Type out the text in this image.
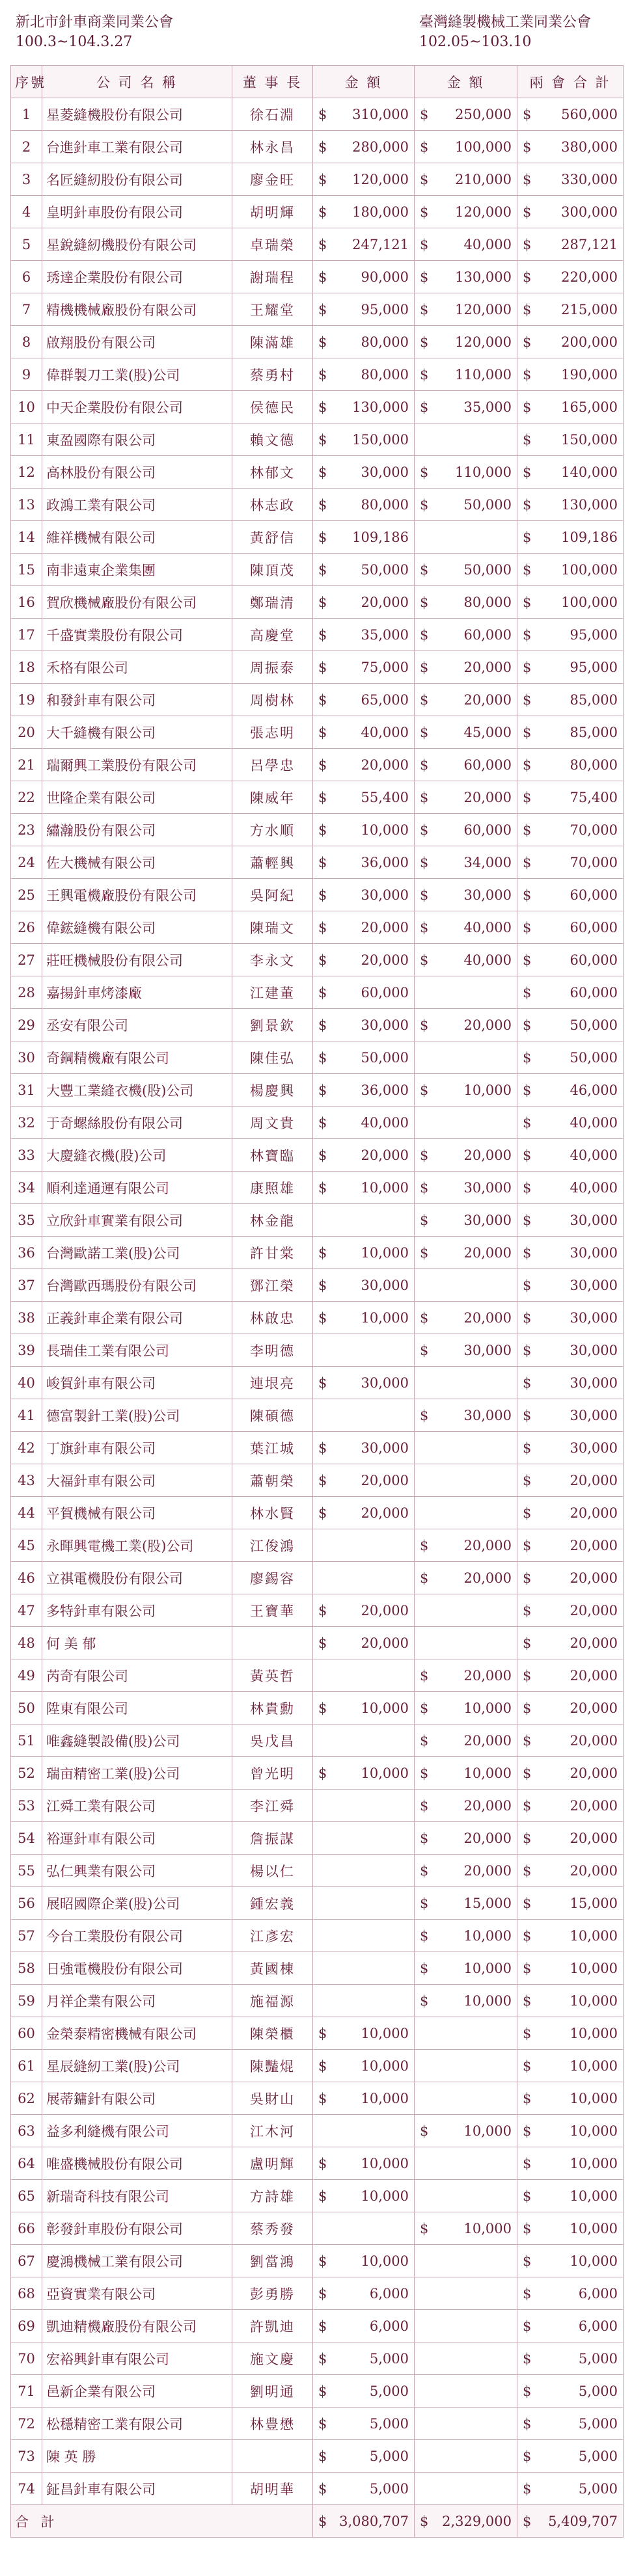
新北市針車商業同業公會
100.3~104.3.27
臺灣縫製機械工業同業公會
102.05~103.10
序號	公 司 名 稱	董 事 長	金 額	金 額	兩 會 合 計
1	星菱縫機股份有限公司	徐石淵	$ 310,000	$ 250,000	$ 560,000
2	台進針車工業有限公司	林永昌	$ 280,000	$ 100,000	$ 380,000
3	名匠縫紉股份有限公司	廖金旺	$ 120,000	$ 210,000	$ 330,000
4	皇明針車股份有限公司	胡明輝	$ 180,000	$ 120,000	$ 300,000
5	星銳縫紉機股份有限公司	卓瑞榮	$ 247,121	$ 40,000	$ 287,121
6	琇達企業股份有限公司	謝瑞程	$ 90,000	$ 130,000	$ 220,000
7	精機機械廠股份有限公司	王耀堂	$ 95,000	$ 120,000	$ 215,000
8	啟翔股份有限公司	陳滿雄	$ 80,000	$ 120,000	$ 200,000
9	偉群製刀工業(股)公司	蔡勇村	$ 80,000	$ 110,000	$ 190,000
10	中天企業股份有限公司	侯德民	$ 130,000	$ 35,000	$ 165,000
11	東盈國際有限公司	賴文德	$ 150,000		$ 150,000
12	高林股份有限公司	林郁文	$ 30,000	$ 110,000	$ 140,000
13	政鴻工業有限公司	林志政	$ 80,000	$ 50,000	$ 130,000
14	維祥機械有限公司	黃舒信	$ 109,186		$ 109,186
15	南非遠東企業集團	陳頂茂	$ 50,000	$ 50,000	$ 100,000
16	賀欣機械廠股份有限公司	鄭瑞清	$ 20,000	$ 80,000	$ 100,000
17	千盛實業股份有限公司	高慶堂	$ 35,000	$ 60,000	$ 95,000
18	禾格有限公司	周振泰	$ 75,000	$ 20,000	$ 95,000
19	和發針車有限公司	周樹林	$ 65,000	$ 20,000	$ 85,000
20	大千縫機有限公司	張志明	$ 40,000	$ 45,000	$ 85,000
21	瑞爾興工業股份有限公司	呂學忠	$ 20,000	$ 60,000	$ 80,000
22	世隆企業有限公司	陳威年	$ 55,400	$ 20,000	$ 75,400
23	繡瀚股份有限公司	方水順	$ 10,000	$ 60,000	$ 70,000
24	佐大機械有限公司	蕭輕興	$ 36,000	$ 34,000	$ 70,000
25	王興電機廠股份有限公司	吳阿紀	$ 30,000	$ 30,000	$ 60,000
26	偉鋐縫機有限公司	陳瑞文	$ 20,000	$ 40,000	$ 60,000
27	莊旺機械股份有限公司	李永文	$ 20,000	$ 40,000	$ 60,000
28	嘉揚針車烤漆廠	江建董	$ 60,000		$ 60,000
29	丞安有限公司	劉景欽	$ 30,000	$ 20,000	$ 50,000
30	奇鋼精機廠有限公司	陳佳弘	$ 50,000		$ 50,000
31	大豐工業縫衣機(股)公司	楊慶興	$ 36,000	$ 10,000	$ 46,000
32	于奇螺絲股份有限公司	周文貴	$ 40,000		$ 40,000
33	大慶縫衣機(股)公司	林寶臨	$ 20,000	$ 20,000	$ 40,000
34	順利達通運有限公司	康照雄	$ 10,000	$ 30,000	$ 40,000
35	立欣針車實業有限公司	林金龍		$ 30,000	$ 30,000
36	台灣歐諾工業(股)公司	許甘棠	$ 10,000	$ 20,000	$ 30,000
37	台灣歐西瑪股份有限公司	鄧江榮	$ 30,000		$ 30,000
38	正義針車企業有限公司	林啟忠	$ 10,000	$ 20,000	$ 30,000
39	長瑞佳工業有限公司	李明德		$ 30,000	$ 30,000
40	峻賀針車有限公司	連垠亮	$ 30,000		$ 30,000
41	德富製針工業(股)公司	陳碩德		$ 30,000	$ 30,000
42	丁旗針車有限公司	葉江城	$ 30,000		$ 30,000
43	大福針車有限公司	蕭朝榮	$ 20,000		$ 20,000
44	平賀機械有限公司	林水賢	$ 20,000		$ 20,000
45	永暉興電機工業(股)公司	江俊鴻		$ 20,000	$ 20,000
46	立祺電機股份有限公司	廖錫容		$ 20,000	$ 20,000
47	多特針車有限公司	王寶華	$ 20,000		$ 20,000
48	何 美 郁		$ 20,000		$ 20,000
49	芮奇有限公司	黃英哲		$ 20,000	$ 20,000
50	陞東有限公司	林貴勳	$ 10,000	$ 10,000	$ 20,000
51	唯鑫縫製設備(股)公司	吳戊昌		$ 20,000	$ 20,000
52	瑞亩精密工業(股)公司	曾光明	$ 10,000	$ 10,000	$ 20,000
53	江舜工業有限公司	李江舜		$ 20,000	$ 20,000
54	裕運針車有限公司	詹振謀		$ 20,000	$ 20,000
55	弘仁興業有限公司	楊以仁		$ 20,000	$ 20,000
56	展昭國際企業(股)公司	鍾宏義		$ 15,000	$ 15,000
57	今台工業股份有限公司	江彥宏		$ 10,000	$ 10,000
58	日強電機股份有限公司	黃國棟		$ 10,000	$ 10,000
59	月祥企業有限公司	施福源		$ 10,000	$ 10,000
60	金榮泰精密機械有限公司	陳榮櫃	$ 10,000		$ 10,000
61	星辰縫紉工業(股)公司	陳豔焜	$ 10,000		$ 10,000
62	展蒂鏞針有限公司	吳財山	$ 10,000		$ 10,000
63	益多利縫機有限公司	江木河		$ 10,000	$ 10,000
64	唯盛機械股份有限公司	盧明輝	$ 10,000		$ 10,000
65	新瑞奇科技有限公司	方詩雄	$ 10,000		$ 10,000
66	彰發針車股份有限公司	蔡秀發		$ 10,000	$ 10,000
67	慶鴻機械工業有限公司	劉當鴻	$ 10,000		$ 10,000
68	亞資實業有限公司	彭勇勝	$ 6,000		$ 6,000
69	凱迪精機廠股份有限公司	許凱迪	$ 6,000		$ 6,000
70	宏裕興針車有限公司	施文慶	$ 5,000		$ 5,000
71	邑新企業有限公司	劉明通	$ 5,000		$ 5,000
72	松穩精密工業有限公司	林豊懋	$ 5,000		$ 5,000
73	陳 英 勝		$ 5,000		$ 5,000
74	鉦昌針車有限公司	胡明華	$ 5,000		$ 5,000
合 計			$ 3,080,707	$ 2,329,000	$ 5,409,707
